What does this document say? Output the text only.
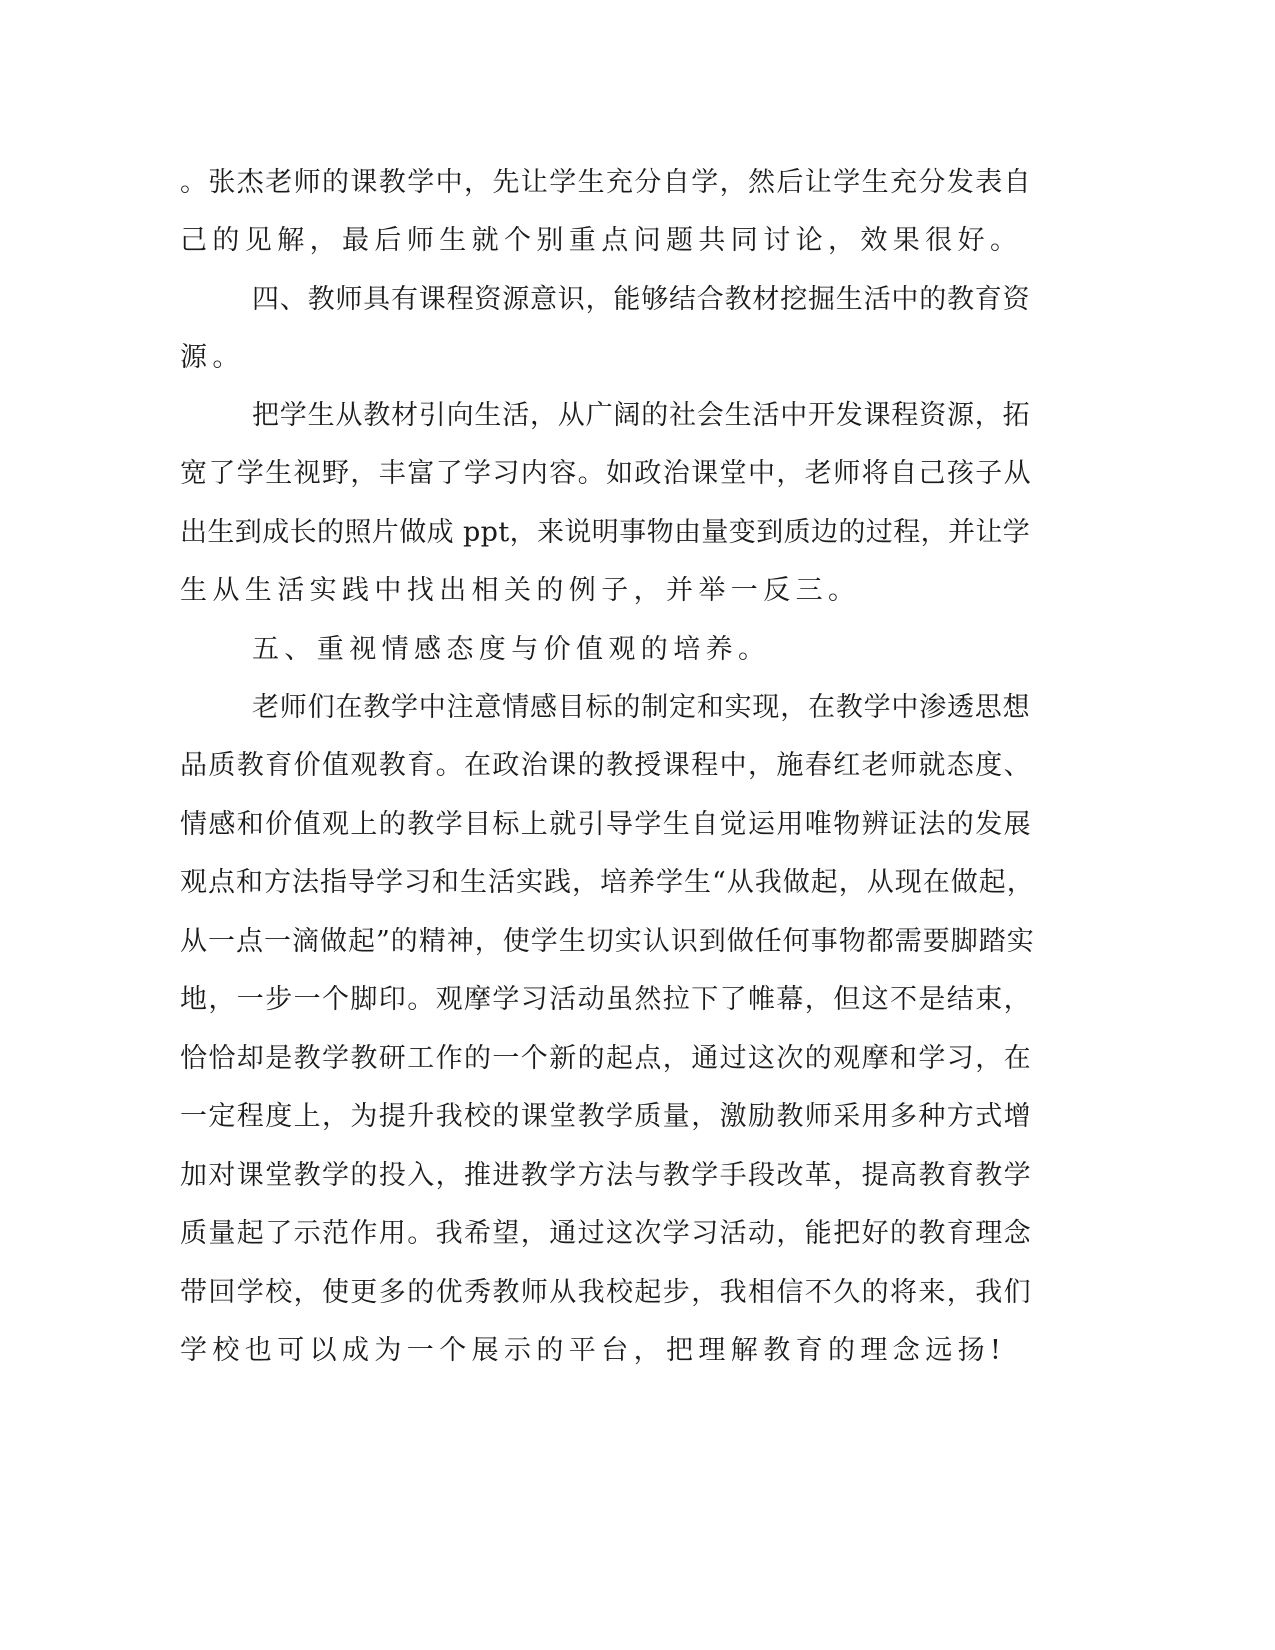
。张杰老师的课教学中，先让学生充分自学，然后让学生充分发表自
己的见解，最后师生就个别重点问题共同讨论，效果很好。
四、教师具有课程资源意识，能够结合教材挖掘生活中的教育资
源。
把学生从教材引向生活，从广阔的社会生活中开发课程资源，拓
宽了学生视野，丰富了学习内容。如政治课堂中，老师将自己孩子从
出生到成长的照片做成 ppt，来说明事物由量变到质边的过程，并让学
生从生活实践中找出相关的例子，并举一反三。
五、重视情感态度与价值观的培养。
老师们在教学中注意情感目标的制定和实现，在教学中渗透思想
品质教育价值观教育。在政治课的教授课程中，施春红老师就态度、
情感和价值观上的教学目标上就引导学生自觉运用唯物辨证法的发展
观点和方法指导学习和生活实践，培养学生“从我做起，从现在做起，
从一点一滴做起”的精神，使学生切实认识到做任何事物都需要脚踏实
地，一步一个脚印。观摩学习活动虽然拉下了帷幕，但这不是结束，
恰恰却是教学教研工作的一个新的起点，通过这次的观摩和学习，在
一定程度上，为提升我校的课堂教学质量，激励教师采用多种方式增
加对课堂教学的投入，推进教学方法与教学手段改革，提高教育教学
质量起了示范作用。我希望，通过这次学习活动，能把好的教育理念
带回学校，使更多的优秀教师从我校起步，我相信不久的将来，我们
学校也可以成为一个展示的平台，把理解教育的理念远扬!
